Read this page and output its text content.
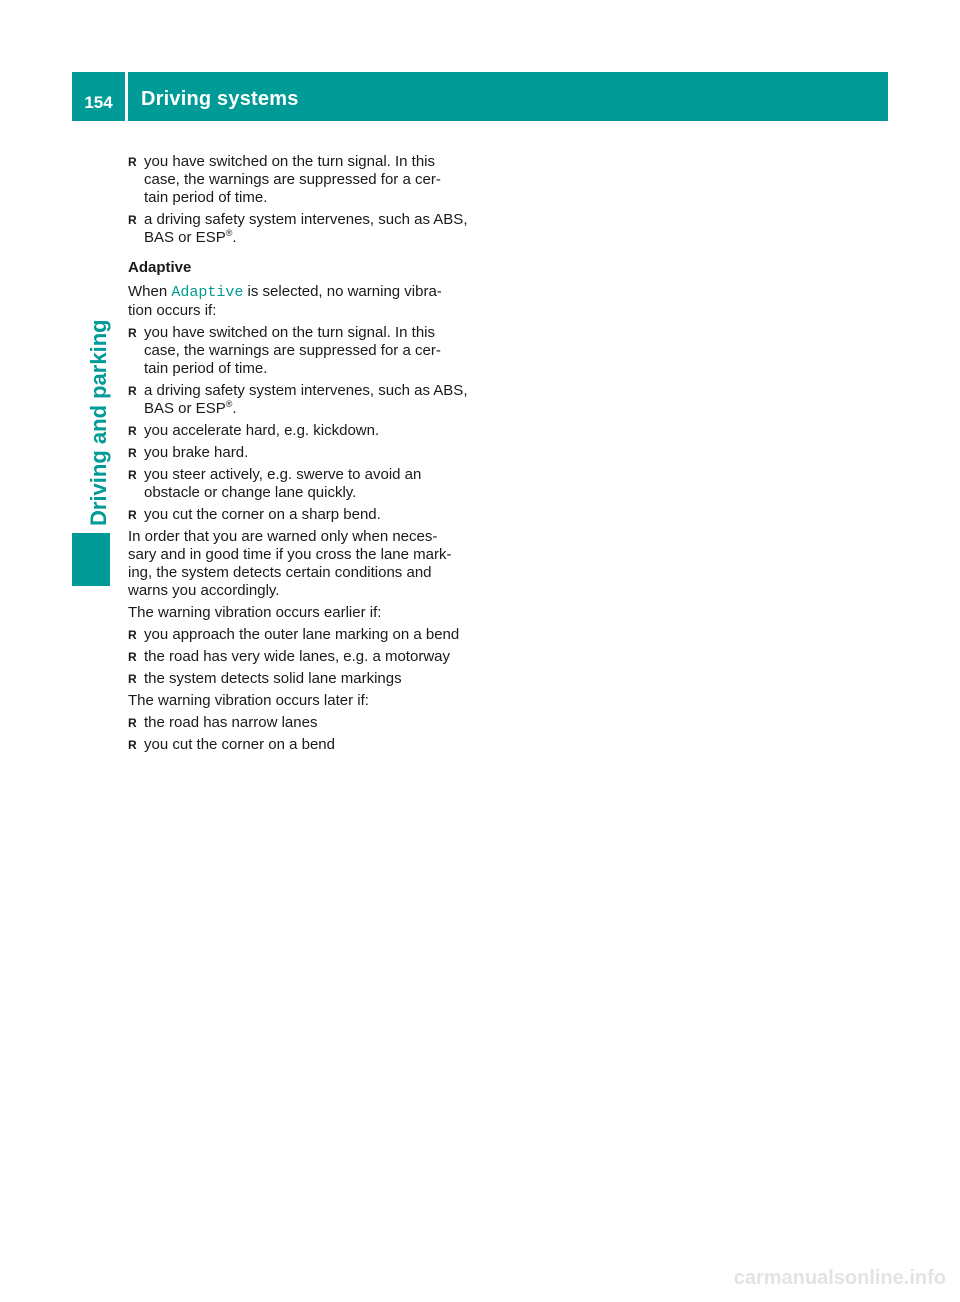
154	Driving systems
Driving and parking
R you have switched on the turn signal. In this case, the warnings are suppressed for a cer- tain period of time.
R a driving safety system intervenes, such as ABS, BAS or ESP®.
Adaptive
When Adaptive is selected, no warning vibra- tion occurs if:
R you have switched on the turn signal. In this case, the warnings are suppressed for a cer- tain period of time.
R a driving safety system intervenes, such as ABS, BAS or ESP®.
R you accelerate hard, e.g. kickdown.
R you brake hard.
R you steer actively, e.g. swerve to avoid an obstacle or change lane quickly.
R you cut the corner on a sharp bend.
In order that you are warned only when neces- sary and in good time if you cross the lane mark- ing, the system detects certain conditions and warns you accordingly.
The warning vibration occurs earlier if:
R you approach the outer lane marking on a bend
R the road has very wide lanes, e.g. a motorway
R the system detects solid lane markings
The warning vibration occurs later if:
R the road has narrow lanes
R you cut the corner on a bend
carmanualsonline.info
